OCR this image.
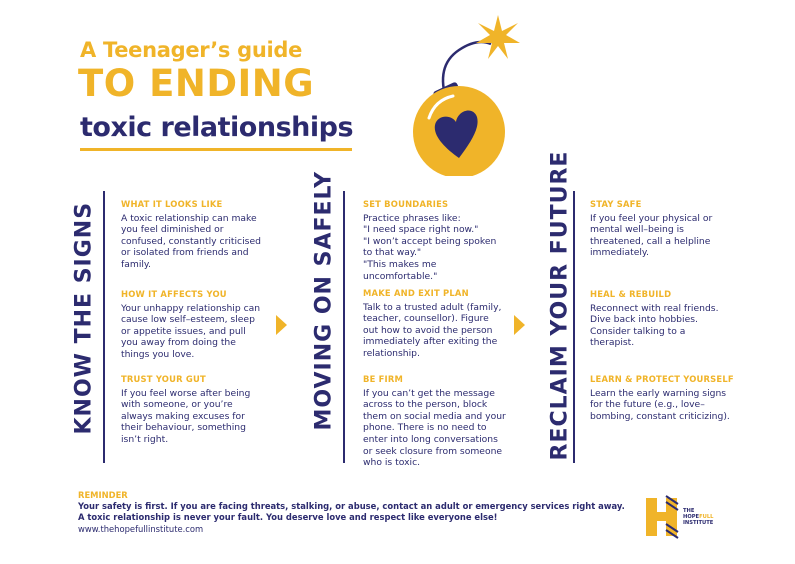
A Teenager’s guide
TO ENDING
toxic relationships
KNOW THE SIGNS	WHAT IT LOOKS LIKE

A toxic relationship can make you feel diminished or confused, constantly criticised or isolated from friends and family.

HOW IT AFFECTS YOU

Your unhappy relationship can cause low self–esteem, sleep or appetite issues, and pull you away from doing the things you love.

TRUST YOUR GUT

If you feel worse after being with someone, or you’re always making excuses for their behaviour, something isn’t right.

MOVING ON SAFELY	SET BOUNDARIES

Practice phrases like:

"I need space right now."

"I won’t accept being spoken to that way."

"This makes me uncomfortable."

MAKE AND EXIT PLAN

Talk to a trusted adult (family, teacher, counsellor). Figure out how to avoid the person immediately after exiting the relationship.

BE FIRM

If you can’t get the message across to the person, block them on social media and your phone. There is no need to enter into long conversations or seek closure from someone who is toxic.

RECLAIM YOUR FUTURE STAY SAFE

If you feel your physical or mental well–being is threatened, call a helpline immediately.

HEAL & REBUILD

Reconnect with real friends. Dive back into hobbies. Consider talking to a therapist.

LEARN & PROTECT YOURSELF

Learn the early warning signs for the future (e.g., love–bombing, constant criticizing).

REMINDER
Your safety is first. If you are facing threats, stalking, or abuse, contact an adult or emergency services right away.
A toxic relationship is never your fault. You deserve love and respect like everyone else!
www.thehopefullinstitute.com
THE
HOPEFULL
INSTITUTE
